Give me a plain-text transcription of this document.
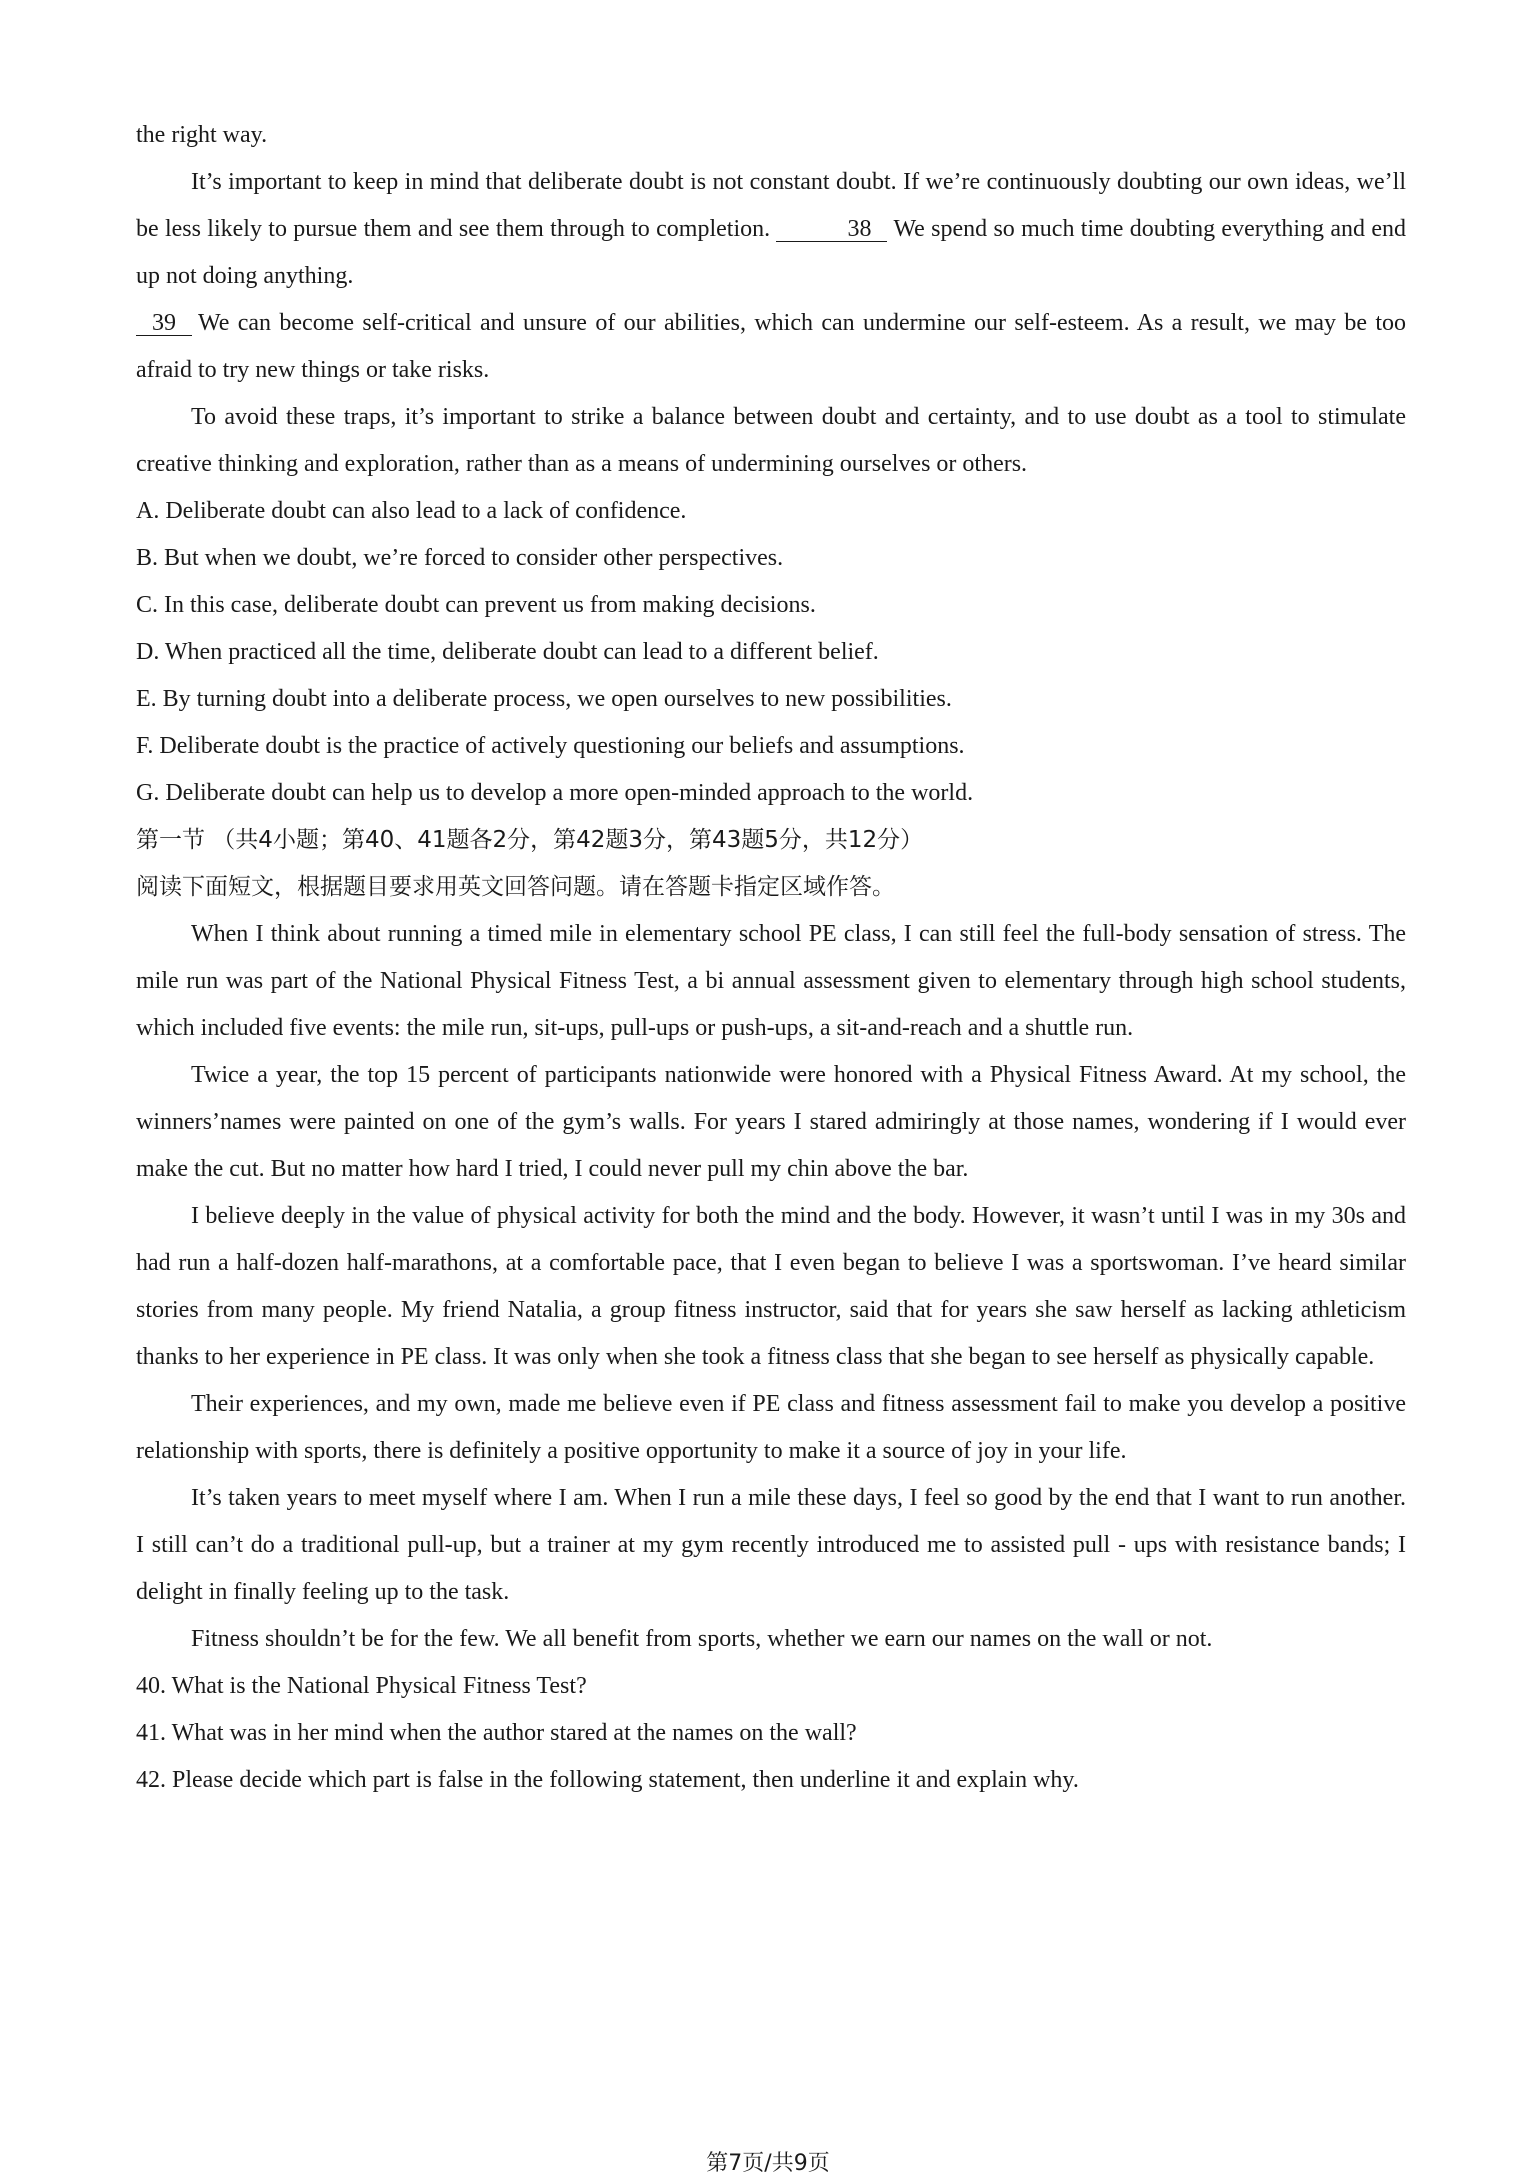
the right way.

It’s important to keep in mind that deliberate doubt is not constant doubt. If we’re continuously doubting our own ideas, we’ll be less likely to pursue them and see them through to completion.	38 We spend so much time doubting everything and end up not doing anything.

39 We can become self-critical and unsure of our abilities, which can undermine our self-esteem. As a result, we may be too afraid to try new things or take risks.

To avoid these traps, it’s important to strike a balance between doubt and certainty, and to use doubt as a tool to stimulate creative thinking and exploration, rather than as a means of undermining ourselves or others.

A. Deliberate doubt can also lead to a lack of confidence.

B. But when we doubt, we’re forced to consider other perspectives.

C. In this case, deliberate doubt can prevent us from making decisions.

D. When practiced all the time, deliberate doubt can lead to a different belief.

E. By turning doubt into a deliberate process, we open ourselves to new possibilities.

F. Deliberate doubt is the practice of actively questioning our beliefs and assumptions.

G. Deliberate doubt can help us to develop a more open-minded approach to the world.

第一节 （共4小题；第40、41题各2分，第42题3分，第43题5分，共12分）

阅读下面短文，根据题目要求用英文回答问题。请在答题卡指定区域作答。

When I think about running a timed mile in elementary school PE class, I can still feel the full-body sensation of stress. The mile run was part of the National Physical Fitness Test, a bi annual assessment given to elementary through high school students, which included five events: the mile run, sit-ups, pull-ups or push-ups, a sit-and-reach and a shuttle run.

Twice a year, the top 15 percent of participants nationwide were honored with a Physical Fitness Award. At my school, the winners’names were painted on one of the gym’s walls. For years I stared admiringly at those names, wondering if I would ever make the cut. But no matter how hard I tried, I could never pull my chin above the bar.

I believe deeply in the value of physical activity for both the mind and the body. However, it wasn’t until I was in my 30s and had run a half-dozen half-marathons, at a comfortable pace, that I even began to believe I was a sportswoman. I’ve heard similar stories from many people. My friend Natalia, a group fitness instructor, said that for years she saw herself as lacking athleticism thanks to her experience in PE class. It was only when she took a fitness class that she began to see herself as physically capable.

Their experiences, and my own, made me believe even if PE class and fitness assessment fail to make you develop a positive relationship with sports, there is definitely a positive opportunity to make it a source of joy in your life.

It’s taken years to meet myself where I am. When I run a mile these days, I feel so good by the end that I want to run another. I still can’t do a traditional pull-up, but a trainer at my gym recently introduced me to assisted pull - ups with resistance bands; I delight in finally feeling up to the task.

Fitness shouldn’t be for the few. We all benefit from sports, whether we earn our names on the wall or not.

40. What is the National Physical Fitness Test?

41. What was in her mind when the author stared at the names on the wall?

42. Please decide which part is false in the following statement, then underline it and explain why.

第7页/共9页
